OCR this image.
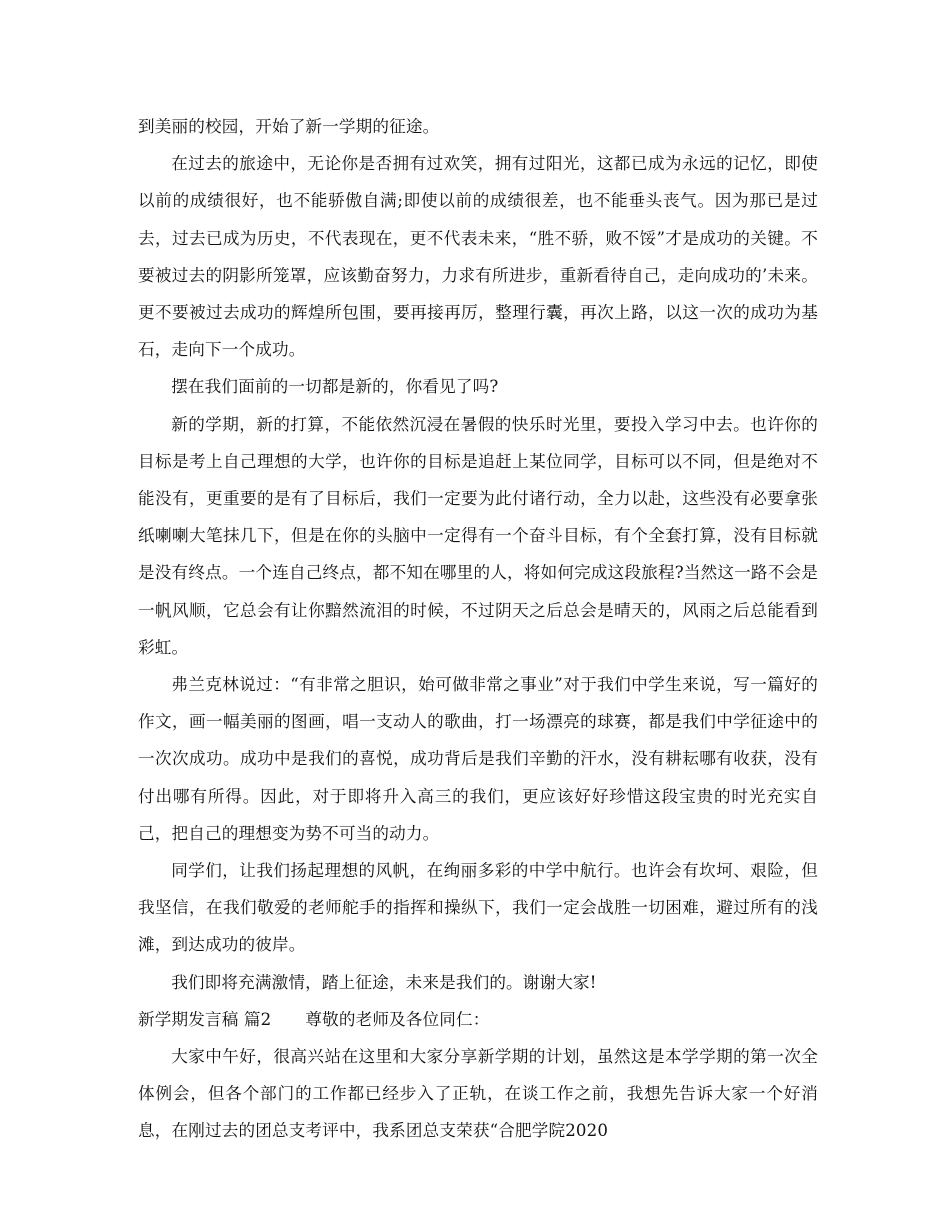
到美丽的校园，开始了新一学期的征途。

在过去的旅途中，无论你是否拥有过欢笑，拥有过阳光，这都已成为永远的记忆，即使以前的成绩很好，也不能骄傲自满;即使以前的成绩很差，也不能垂头丧气。因为那已是过去，过去已成为历史，不代表现在，更不代表未来，“胜不骄，败不馁”才是成功的关键。不要被过去的阴影所笼罩，应该勤奋努力，力求有所进步，重新看待自己，走向成功的’未来。更不要被过去成功的辉煌所包围，要再接再厉，整理行囊，再次上路，以这一次的成功为基石，走向下一个成功。

摆在我们面前的一切都是新的，你看见了吗?

新的学期，新的打算，不能依然沉浸在暑假的快乐时光里，要投入学习中去。也许你的目标是考上自己理想的大学，也许你的目标是追赶上某位同学，目标可以不同，但是绝对不能没有，更重要的是有了目标后，我们一定要为此付诸行动，全力以赴，这些没有必要拿张纸喇喇大笔抹几下，但是在你的头脑中一定得有一个奋斗目标，有个全套打算，没有目标就是没有终点。一个连自己终点，都不知在哪里的人，将如何完成这段旅程?当然这一路不会是一帆风顺，它总会有让你黯然流泪的时候，不过阴天之后总会是晴天的，风雨之后总能看到彩虹。

弗兰克林说过：“有非常之胆识，始可做非常之事业”对于我们中学生来说，写一篇好的作文，画一幅美丽的图画，唱一支动人的歌曲，打一场漂亮的球赛，都是我们中学征途中的一次次成功。成功中是我们的喜悦，成功背后是我们辛勤的汗水，没有耕耘哪有收获，没有付出哪有所得。因此，对于即将升入高三的我们，更应该好好珍惜这段宝贵的时光充实自己，把自己的理想变为势不可当的动力。

同学们，让我们扬起理想的风帆，在绚丽多彩的中学中航行。也许会有坎坷、艰险，但我坚信，在我们敬爱的老师舵手的指挥和操纵下，我们一定会战胜一切困难，避过所有的浅滩，到达成功的彼岸。

我们即将充满激情，踏上征途，未来是我们的。谢谢大家!

新学期发言稿 篇2 尊敬的老师及各位同仁：

大家中午好，很高兴站在这里和大家分享新学期的计划，虽然这是本学学期的第一次全体例会，但各个部门的工作都已经步入了正轨，在谈工作之前，我想先告诉大家一个好消息，在刚过去的团总支考评中，我系团总支荣获“合肥学院2020
